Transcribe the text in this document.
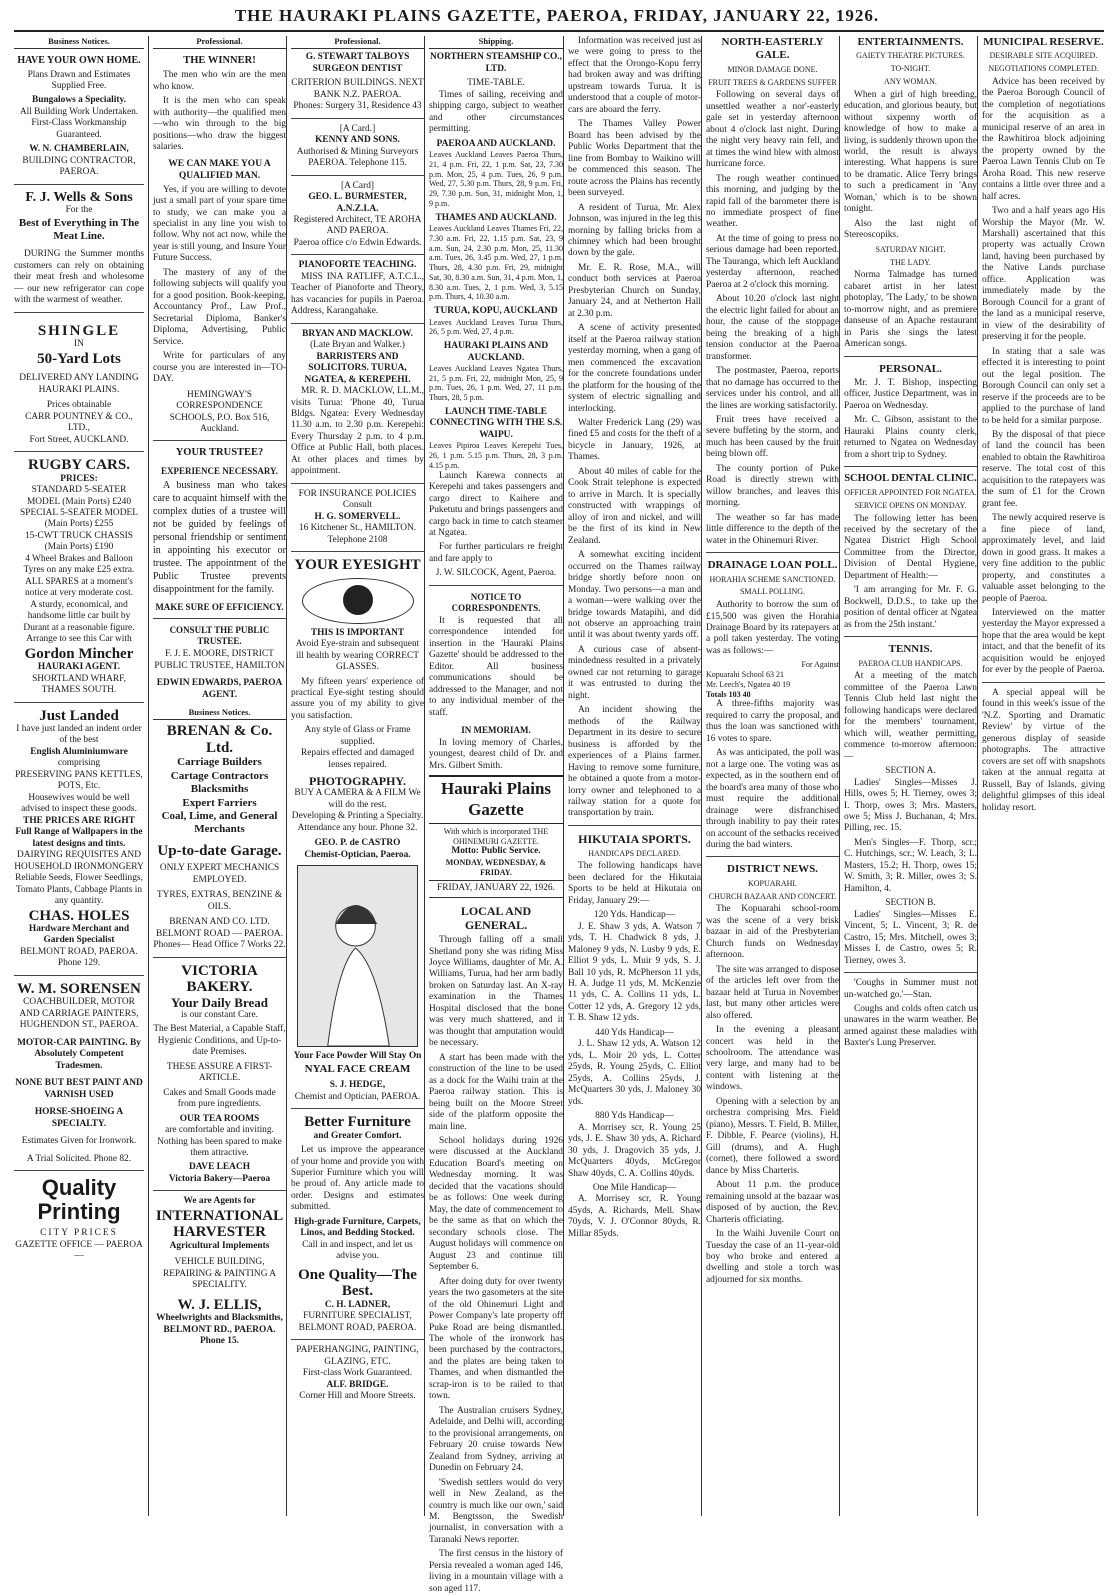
THE HAURAKI PLAINS GAZETTE, PAEROA, FRIDAY, JANUARY 22, 1926.
Business Notices.
HAVE YOUR OWN HOME.
Plans Drawn and Estimates Supplied Free.
Bungalows a Speciality.
All Building Work Undertaken.
First-Class Workmanship Guaranteed.
W. N. CHAMBERLAIN,
BUILDING CONTRACTOR, PAEROA.
F. J. Wells & Sons
For the
Best of Everything in The Meat Line.

DURING the Summer months customers can rely on obtaining their meat fresh and wholesome — our new refrigerator can cope with the warmest of weather.

SHINGLE
IN
50-Yard Lots
DELIVERED ANY LANDING HAURAKI PLAINS.
Prices obtainable
CARR POUNTNEY & CO., LTD.,
Fort Street, AUCKLAND.
RUGBY CARS.
PRICES:
STANDARD 5-SEATER MODEL (Main Ports) £240
SPECIAL 5-SEATER MODEL (Main Ports) £255
15-CWT TRUCK CHASSIS (Main Ports) £190
4 Wheel Brakes and Balloon Tyres on any make £25 extra.
ALL SPARES at a moment's notice at very moderate cost.
A sturdy, economical, and handsome little car built by Durant at a reasonable figure.
Arrange to see this Car with
Gordon Mincher
HAURAKI AGENT.
SHORTLAND WHARF, THAMES SOUTH.
Just Landed
I have just landed an indent order of the best
English Aluminiumware
comprising
PRESERVING PANS KETTLES, POTS, Etc.
Housewives would be well advised to inspect these goods.
THE PRICES ARE RIGHT
Full Range of Wallpapers in the latest designs and tints.
DAIRYING REQUISITES AND HOUSEHOLD IRONMONGERY
Reliable Seeds, Flower Seedlings, Tomato Plants, Cabbage Plants in any quantity.
CHAS. HOLES
Hardware Merchant and Garden Specialist
BELMONT ROAD, PAEROA. Phone 129.
W. M. SORENSEN
COACHBUILDER, MOTOR AND CARRIAGE PAINTERS, HUGHENDON ST., PAEROA.
MOTOR-CAR PAINTING. By Absolutely Competent Tradesmen.
NONE BUT BEST PAINT AND VARNISH USED
HORSE-SHOEING A SPECIALTY.
Estimates Given for Ironwork.
A Trial Solicited. Phone 82.
Quality Printing
CITY PRICES
GAZETTE OFFICE — PAEROA —
Professional.
THE WINNER!

The men who win are the men who know.

It is the men who can speak with authority—the qualified men—who win through to the big positions—who draw the biggest salaries.

WE CAN MAKE YOU A QUALIFIED MAN.

Yes, if you are willing to devote just a small part of your spare time to study, we can make you a specialist in any line you wish to follow. Why not act now, while the year is still young, and Insure Your Future Success.

The mastery of any of the following subjects will qualify you for a good position. Book-keeping, Accountancy Prof., Law Prof., Secretarial Diploma, Banker's Diploma, Advertising, Public Service.

Write for particulars of any course you are interested in—TO-DAY.

HEMINGWAY'S CORRESPONDENCE SCHOOLS, P.O. Box 516, Auckland.
YOUR TRUSTEE?
EXPERIENCE NECESSARY.

A business man who takes care to acquaint himself with the complex duties of a trustee will not be guided by feelings of personal friendship or sentiment in appointing his executor or trustee. The appointment of the Public Trustee prevents disappointment for the family.

MAKE SURE OF EFFICIENCY.
CONSULT THE PUBLIC TRUSTEE.
F. J. E. MOORE, DISTRICT PUBLIC TRUSTEE, HAMILTON
EDWIN EDWARDS, PAEROA AGENT.
Business Notices.
BRENAN & Co. Ltd.
Carriage Builders
Cartage Contractors
Blacksmiths
Expert Farriers
Coal, Lime, and General Merchants
Up-to-date Garage.
ONLY EXPERT MECHANICS EMPLOYED.
TYRES, EXTRAS, BENZINE & OILS.
BRENAN AND CO. LTD. BELMONT ROAD — PAEROA.
Phones— Head Office 7 Works 22.
VICTORIA BAKERY.
Your Daily Bread
is our constant Care.
The Best Material, a Capable Staff, Hygienic Conditions, and Up-to-date Premises.
THESE ASSURE A FIRST-ARTICLE.
Cakes and Small Goods made from pure ingredients.
OUR TEA ROOMS
are comfortable and inviting. Nothing has been spared to make them attractive.
DAVE LEACH
Victoria Bakery—Paeroa
We are Agents for
INTERNATIONAL HARVESTER
Agricultural Implements
VEHICLE BUILDING, REPAIRING & PAINTING A SPECIALITY.
W. J. ELLIS,
Wheelwrights and Blacksmiths,
BELMONT RD., PAEROA. Phone 15.
Professional.
G. STEWART TALBOYS SURGEON DENTIST
CRITERION BUILDINGS. NEXT BANK N.Z. PAEROA.
Phones: Surgery 31, Residence 43
[A Card.]
KENNY AND SONS.
Authorised & Mining Surveyors PAEROA. Telephone 115.
[A Card]
GEO. L. BURMESTER, A.N.Z.I.A.
Registered Architect, TE AROHA AND PAEROA.
Paeroa office c/o Edwin Edwards.
PIANOFORTE TEACHING.

MISS INA RATLIFF, A.T.C.L., Teacher of Pianoforte and Theory, has vacancies for pupils in Paeroa. Address, Karangahake.

BRYAN AND MACKLOW.
(Late Bryan and Walker.)
BARRISTERS AND SOLICITORS. TURUA, NGATEA, & KEREPEHI.

MR. R. D. MACKLOW, LL.M., visits Turua: 'Phone 40, Turua Bldgs. Ngatea: Every Wednesday 11.30 a.m. to 2.30 p.m. Kerepehi: Every Thursday 2 p.m. to 4 p.m. Office at Public Hall, both places. At other places and times by appointment.

FOR INSURANCE POLICIES Consult
H. G. SOMERVELL.
16 Kitchener St., HAMILTON. Telephone 2108
YOUR EYESIGHT
THIS IS IMPORTANT
Avoid Eye-strain and subsequent ill health by wearing CORRECT GLASSES.

My fifteen years' experience of practical Eye-sight testing should assure you of my ability to give you satisfaction.

Any style of Glass or Frame supplied.
Repairs effected and damaged lenses repaired.
PHOTOGRAPHY.
BUY A CAMERA & A FILM We will do the rest.
Developing & Printing a Specialty. Attendance any hour. Phone 32.
GEO. P. de CASTRO
Chemist-Optician, Paeroa.
Your Face Powder Will Stay On
NYAL FACE CREAM
S. J. HEDGE,
Chemist and Optician, PAEROA.
Better Furniture
and Greater Comfort.

Let us improve the appearance of your home and provide you with Superior Furniture which you will be proud of. Any article made to order. Designs and estimates submitted.

High-grade Furniture, Carpets, Linos, and Bedding Stocked.
Call in and inspect, and let us advise you.
One Quality—The Best.
C. H. LADNER,
FURNITURE SPECIALIST, BELMONT ROAD, PAEROA.
PAPERHANGING, PAINTING, GLAZING, ETC.
First-class Work Guaranteed.
ALF. BRIDGE.
Corner Hill and Moore Streets.
Shipping.
NORTHERN STEAMSHIP CO., LTD.
TIME-TABLE.

Times of sailing, receiving and shipping cargo, subject to weather and other circumstances permitting.

PAEROA AND AUCKLAND.
Leaves Auckland Leaves Paeroa Thurs, 21, 4 p.m. Fri, 22, 1 p.m. Sat, 23, 7.30 p.m. Mon, 25, 4 p.m. Tues, 26, 9 p.m. Wed, 27, 5.30 p.m. Thurs, 28, 9 p.m. Fri, 29, 7.30 p.m. Sun, 31, midnight Mon, 1, 9 p.m.
THAMES AND AUCKLAND.
Leaves Auckland Leaves Thames Fri, 22, 7.30 a.m. Fri, 22, 1.15 p.m. Sat, 23, 9 a.m. Sun, 24, 2.30 p.m. Mon, 25, 11.30 a.m. Tues, 26, 3.45 p.m. Wed, 27, 1 p.m. Thurs, 28, 4.30 p.m. Fri, 29, midnight Sat, 30, 8.30 a.m. Sun, 31, 4 p.m. Mon, 1, 8.30 a.m. Tues, 2, 1 p.m. Wed, 3, 5.15 p.m. Thurs, 4, 10.30 a.m.
TURUA, KOPU, AUCKLAND
Leaves Auckland Leaves Turua Thurs, 26, 5 p.m. Wed, 27, 4 p.m.
HAURAKI PLAINS AND AUCKLAND.
Leaves Auckland Leaves Ngatea Thurs, 21, 5 p.m. Fri, 22, midnight Mon, 25, 9 p.m. Tues, 26, 1 p.m. Wed, 27, 11 p.m. Thurs, 28, 5 p.m.
LAUNCH TIME-TABLE CONNECTING WITH THE S.S. WAIPU.
Leaves Pipiroa Leaves Kerepehi Tues, 26, 1 p.m. 5.15 p.m. Thurs, 28, 3 p.m. 4.15 p.m.

Launch Karewa connects at Kerepehi and takes passengers and cargo direct to Kaihere and Puketutu and brings passengers and cargo back in time to catch steamer at Ngatea.

For further particulars re freight and fare apply to

J. W. SILCOCK, Agent, Paeroa.
NOTICE TO CORRESPONDENTS.

It is requested that all correspondence intended for insertion in the 'Hauraki Plains Gazette' should be addressed to the Editor. All business communications should be addressed to the Manager, and not to any individual member of the staff.

IN MEMORIAM.

In loving memory of Charles, youngest, dearest child of Dr. and Mrs. Gilbert Smith.

Hauraki Plains Gazette
With which is incorporated THE OHINEMURI GAZETTE.
Motto: Public Service.
MONDAY, WEDNESDAY, & FRIDAY.
FRIDAY, JANUARY 22, 1926.
LOCAL AND GENERAL.

Through falling off a small Shetland pony she was riding Miss Joyce Williams, daughter of Mr. A. Williams, Turua, had her arm badly broken on Saturday last. An X-ray examination in the Thames Hospital disclosed that the bone was very much shattered, and it was thought that amputation would be necessary.

A start has been made with the construction of the line to be used as a dock for the Waihi train at the Paeroa railway station. This is being built on the Moore Street side of the platform opposite the main line.

School holidays during 1926 were discussed at the Auckland Education Board's meeting on Wednesday morning. It was decided that the vacations should be as follows: One week during May, the date of commencement to be the same as that on which the secondary schools close. The August holidays will commence on August 23 and continue till September 6.

After doing duty for over twenty years the two gasometers at the site of the old Ohinemuri Light and Power Company's late property off Puke Road are being dismantled. The whole of the ironwork has been purchased by the contractors, and the plates are being taken to Thames, and when dismantled the scrap-iron is to be railed to that town.

The Australian cruisers Sydney, Adelaide, and Delhi will, according to the provisional arrangements, on February 20 cruise towards New Zealand from Sydney, arriving at Dunedin on February 24.

'Swedish settlers would do very well in New Zealand, as the country is much like our own,' said M. Bengtsson, the Swedish journalist, in conversation with a Taranaki News reporter.

The first census in the history of Persia revealed a woman aged 146, living in a mountain village with a son aged 117.

Information was received just as we were going to press to the effect that the Orongo-Kopu ferry had broken away and was drifting upstream towards Turua. It is understood that a couple of motor-cars are aboard the ferry.

The Thames Valley Power Board has been advised by the Public Works Department that the line from Bombay to Waikino will be commenced this season. The route across the Plains has recently been surveyed.

A resident of Turua, Mr. Alex Johnson, was injured in the leg this morning by falling bricks from a chimney which had been brought down by the gale.

Mr. E. R. Rose, M.A., will conduct both services at Paeroa Presbyterian Church on Sunday, January 24, and at Netherton Hall at 2.30 p.m.

A scene of activity presented itself at the Paeroa railway station yesterday morning, when a gang of men commenced the excavation for the concrete foundations under the platform for the housing of the system of electric signalling and interlocking.

Walter Frederick Lang (29) was fined £5 and costs for the theft of a bicycle in January, 1926, at Thames.

About 40 miles of cable for the Cook Strait telephone is expected to arrive in March. It is specially constructed with wrappings of alloy of iron and nickel, and will be the first of its kind in New Zealand.

A somewhat exciting incident occurred on the Thames railway bridge shortly before noon on Monday. Two persons—a man and a woman—were walking over the bridge towards Matapihi, and did not observe an approaching train until it was about twenty yards off.

A curious case of absent-mindedness resulted in a privately owned car not returning to garage it was entrusted to during the night.

An incident showing the methods of the Railway Department in its desire to secure business is afforded by the experiences of a Plains farmer. Having to remove some furniture, he obtained a quote from a motor-lorry owner and telephoned to a railway station for a quote for transportation by train.

HIKUTAIA SPORTS.
HANDICAPS DECLARED.

The following handicaps have been declared for the Hikutaia Sports to be held at Hikutaia on Friday, January 29:—

120 Yds. Handicap—

J. E. Shaw 3 yds, A. Watson 7 yds, T. H. Chadwick 8 yds, J. Maloney 9 yds, N. Lusby 9 yds, E. Elliot 9 yds, L. Muir 9 yds, S. J. Ball 10 yds, R. McPherson 11 yds, H. A. Judge 11 yds, M. McKenzie 11 yds, C. A. Collins 11 yds, L. Cotter 12 yds, A. Gregory 12 yds, T. B. Shaw 12 yds.

440 Yds Handicap—

J. L. Shaw 12 yds, A. Watson 12 yds, L. Moir 20 yds, L. Cotter 25yds, R. Young 25yds, C. Elliot 25yds, A. Collins 25yds, J. McQuarters 30 yds, J. Maloney 30 yds.

880 Yds Handicap—

A. Morrisey scr, R. Young 25 yds, J. E. Shaw 30 yds, A. Richard 30 yds, J. Dragovich 35 yds, J. McQuarters 40yds, McGregor Shaw 40yds, C. A. Collins 40yds.

One Mile Handicap—

A. Morrisey scr, R. Young 45yds, A. Richards, Mell. Shaw 70yds, V. J. O'Connor 80yds, R. Millar 85yds.

NORTH-EASTERLY GALE.
MINOR DAMAGE DONE.
FRUIT TREES & GARDENS SUFFER

Following on several days of unsettled weather a nor'-easterly gale set in yesterday afternoon about 4 o'clock last night. During the night very heavy rain fell, and at times the wind blew with almost hurricane force.

The rough weather continued this morning, and judging by the rapid fall of the barometer there is no immediate prospect of fine weather.

At the time of going to press no serious damage had been reported. The Tauranga, which left Auckland yesterday afternoon, reached Paeroa at 2 o'clock this morning.

About 10.20 o'clock last night the electric light failed for about an hour, the cause of the stoppage being the breaking of a high tension conductor at the Paeroa transformer.

The postmaster, Paeroa, reports that no damage has occurred to the services under his control, and all the lines are working satisfactorily.

Fruit trees have received a severe buffeting by the storm, and much has been caused by the fruit being blown off.

The county portion of Puke Road is directly strewn with willow branches, and leaves this morning.

The weather so far has made little difference to the depth of the water in the Ohinemuri River.

DRAINAGE LOAN POLL.
HORAHIA SCHEME SANCTIONED.
SMALL POLLING.

Authority to borrow the sum of £15,500 was given the Horahia Drainage Board by its ratepayers at a poll taken yesterday. The voting was as follows:—

For Against
Kopuarahi School 63 21
Mr. Leech's, Ngatea 40 19
Totals 103 40

A three-fifths majority was required to carry the proposal, and thus the loan was sanctioned with 16 votes to spare.

As was anticipated, the poll was not a large one. The voting was as expected, as in the southern end of the board's area many of those who must require the additional drainage were disfranchised through inability to pay their rates on account of the setbacks received during the bad winters.

DISTRICT NEWS.
KOPUARAHI.
CHURCH BAZAAR AND CONCERT.

The Kopuarahi school-room was the scene of a very brisk bazaar in aid of the Presbyterian Church funds on Wednesday afternoon.

The site was arranged to dispose of the articles left over from the bazaar held at Turua in November last, but many other articles were also offered.

In the evening a pleasant concert was held in the schoolroom. The attendance was very large, and many had to be content with listening at the windows.

Opening with a selection by an orchestra comprising Mrs. Field (piano), Messrs. T. Field, B. Miller, F. Dibble, F. Pearce (violins), H. Gill (drums), and A. Hugh (cornet), there followed a sword dance by Miss Charteris.

About 11 p.m. the produce remaining unsold at the bazaar was disposed of by auction, the Rev. Charteris officiating.

In the Waihi Juvenile Court on Tuesday the case of an 11-year-old boy who broke and entered a dwelling and stole a torch was adjourned for six months.

ENTERTAINMENTS.
GAIETY THEATRE PICTURES.
TO-NIGHT.
ANY WOMAN.

When a girl of high breeding, education, and glorious beauty, but without sixpenny worth of knowledge of how to make a living, is suddenly thrown upon the world, the result is always interesting. What happens is sure to be dramatic. Alice Terry brings to such a predicament in 'Any Woman,' which is to be shown tonight.

Also the last night of Stereoscopiks.

SATURDAY NIGHT.
THE LADY.

Norma Talmadge has turned cabaret artist in her latest photoplay, 'The Lady,' to be shown to-morrow night, and as premiere danseuse of an Apache restaurant in Paris she sings the latest American songs.

PERSONAL.

Mr. J. T. Bishop, inspecting officer, Justice Department, was in Paeroa on Wednesday.

Mr. C. Gibson, assistant to the Hauraki Plains county clerk, returned to Ngatea on Wednesday from a short trip to Sydney.

SCHOOL DENTAL CLINIC.
OFFICER APPOINTED FOR NGATEA.
SERVICE OPENS ON MONDAY.

The following letter has been received by the secretary of the Ngatea District High School Committee from the Director, Division of Dental Hygiene, Department of Health:—

'I am arranging for Mr. F. G. Bockwell, D.D.S., to take up the position of dental officer at Ngatea as from the 25th instant.'

TENNIS.
PAEROA CLUB HANDICAPS.

At a meeting of the match committee of the Paeroa Lawn Tennis Club held last night the following handicaps were declared for the members' tournament, which will, weather permitting, commence to-morrow afternoon:—

SECTION A.

Ladies' Singles—Misses J. Hills, owes 5; H. Tierney, owes 3; I. Thorp, owes 3; Mrs. Masters, owe 5; Miss J. Buchanan, 4; Mrs. Pilling, rec. 15.

Men's Singles—F. Thorp, scr.; C. Hutchings, scr.; W. Leach, 3; L. Masters, 15.2; H. Thorp, owes 15; W. Smith, 3; R. Miller, owes 3; S. Hamilton, 4.

SECTION B.

Ladies' Singles—Misses E. Vincent, 5; L. Vincent, 3; R. de Castro, 15; Mrs. Mitchell, owes 3; Misses I. de Castro, owes 5; R. Tierney, owes 3.

'Coughs in Summer must not un-watched go.'—Stan.

Coughs and colds often catch us unawares in the warm weather. Be armed against these maladies with Baxter's Lung Preserver.

MUNICIPAL RESERVE.
DESIRABLE SITE ACQUIRED.
NEGOTIATIONS COMPLETED.

Advice has been received by the Paeroa Borough Council of the completion of negotiations for the acquisition as a municipal reserve of an area in the Rawhitiroa block adjoining the property owned by the Paeroa Lawn Tennis Club on Te Aroha Road. This new reserve contains a little over three and a half acres.

Two and a half years ago His Worship the Mayor (Mr. W. Marshall) ascertained that this property was actually Crown land, having been purchased by the Native Lands purchase office. Application was immediately made by the Borough Council for a grant of the land as a municipal reserve, in view of the desirability of preserving it for the people.

In stating that a sale was effected it is interesting to point out the legal position. The Borough Council can only set a reserve if the proceeds are to be applied to the purchase of land to be held for a similar purpose.

By the disposal of that piece of land the council has been enabled to obtain the Rawhitiroa reserve. The total cost of this acquisition to the ratepayers was the sum of £1 for the Crown grant fee.

The newly acquired reserve is a fine piece of land, approximately level, and laid down in good grass. It makes a very fine addition to the public property, and constitutes a valuable asset belonging to the people of Paeroa.

Interviewed on the matter yesterday the Mayor expressed a hope that the area would be kept intact, and that the benefit of its acquisition would be enjoyed for ever by the people of Paeroa.

A special appeal will be found in this week's issue of the 'N.Z. Sporting and Dramatic Review' by virtue of the generous display of seaside photographs. The attractive covers are set off with snapshots taken at the annual regatta at Russell, Bay of Islands, giving delightful glimpses of this ideal holiday resort.
